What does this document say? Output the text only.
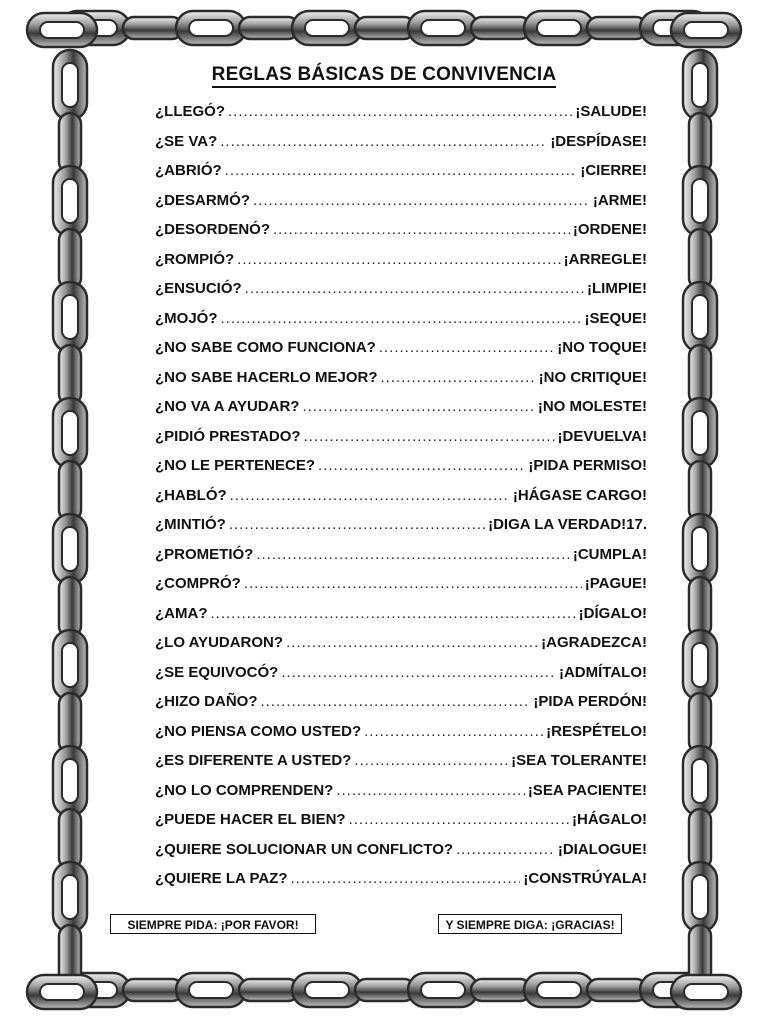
REGLAS BÁSICAS DE CONVIVENCIA
¿LLEGÓ? .....	¡SALUDE!
¿SE VA? .....	¡DESPÍDASE!
¿ABRIÓ? .....	¡CIERRE!
¿DESARMÓ? .....	¡ARME!
¿DESORDENÓ? .....	¡ORDENE!
¿ROMPIÓ? .....	¡ARREGLE!
¿ENSUCIÓ? .....	¡LIMPIE!
¿MOJÓ? .....	¡SEQUE!
¿NO SABE COMO FUNCIONA? .....	¡NO TOQUE!
¿NO SABE HACERLO MEJOR? .....	¡NO CRITIQUE!
¿NO VA A AYUDAR? .....	¡NO MOLESTE!
¿PIDIÓ PRESTADO? .....	¡DEVUELVA!
¿NO LE PERTENECE? .....	¡PIDA PERMISO!
¿HABLÓ? .....	¡HÁGASE CARGO!
¿MINTIÓ? .....	¡DIGA LA VERDAD!17.
¿PROMETIÓ? .....	¡CUMPLA!
¿COMPRÓ? .....	¡PAGUE!
¿AMA? .....	¡DÍGALO!
¿LO AYUDARON? .....	¡AGRADEZCA!
¿SE EQUIVOCÓ? .....	¡ADMÍTALO!
¿HIZO DAÑO? .....	¡PIDA PERDÓN!
¿NO PIENSA COMO USTED? .....	¡RESPÉTELO!
¿ES DIFERENTE A USTED? .....	¡SEA TOLERANTE!
¿NO LO COMPRENDEN? .....	¡SEA PACIENTE!
¿PUEDE HACER EL BIEN? .....	¡HÁGALO!
¿QUIERE SOLUCIONAR UN CONFLICTO? .....	¡DIALOGUE!
¿QUIERE LA PAZ? .....	¡CONSTRÚYALA!
SIEMPRE PIDA: ¡POR FAVOR!	Y SIEMPRE DIGA: ¡GRACIAS!
